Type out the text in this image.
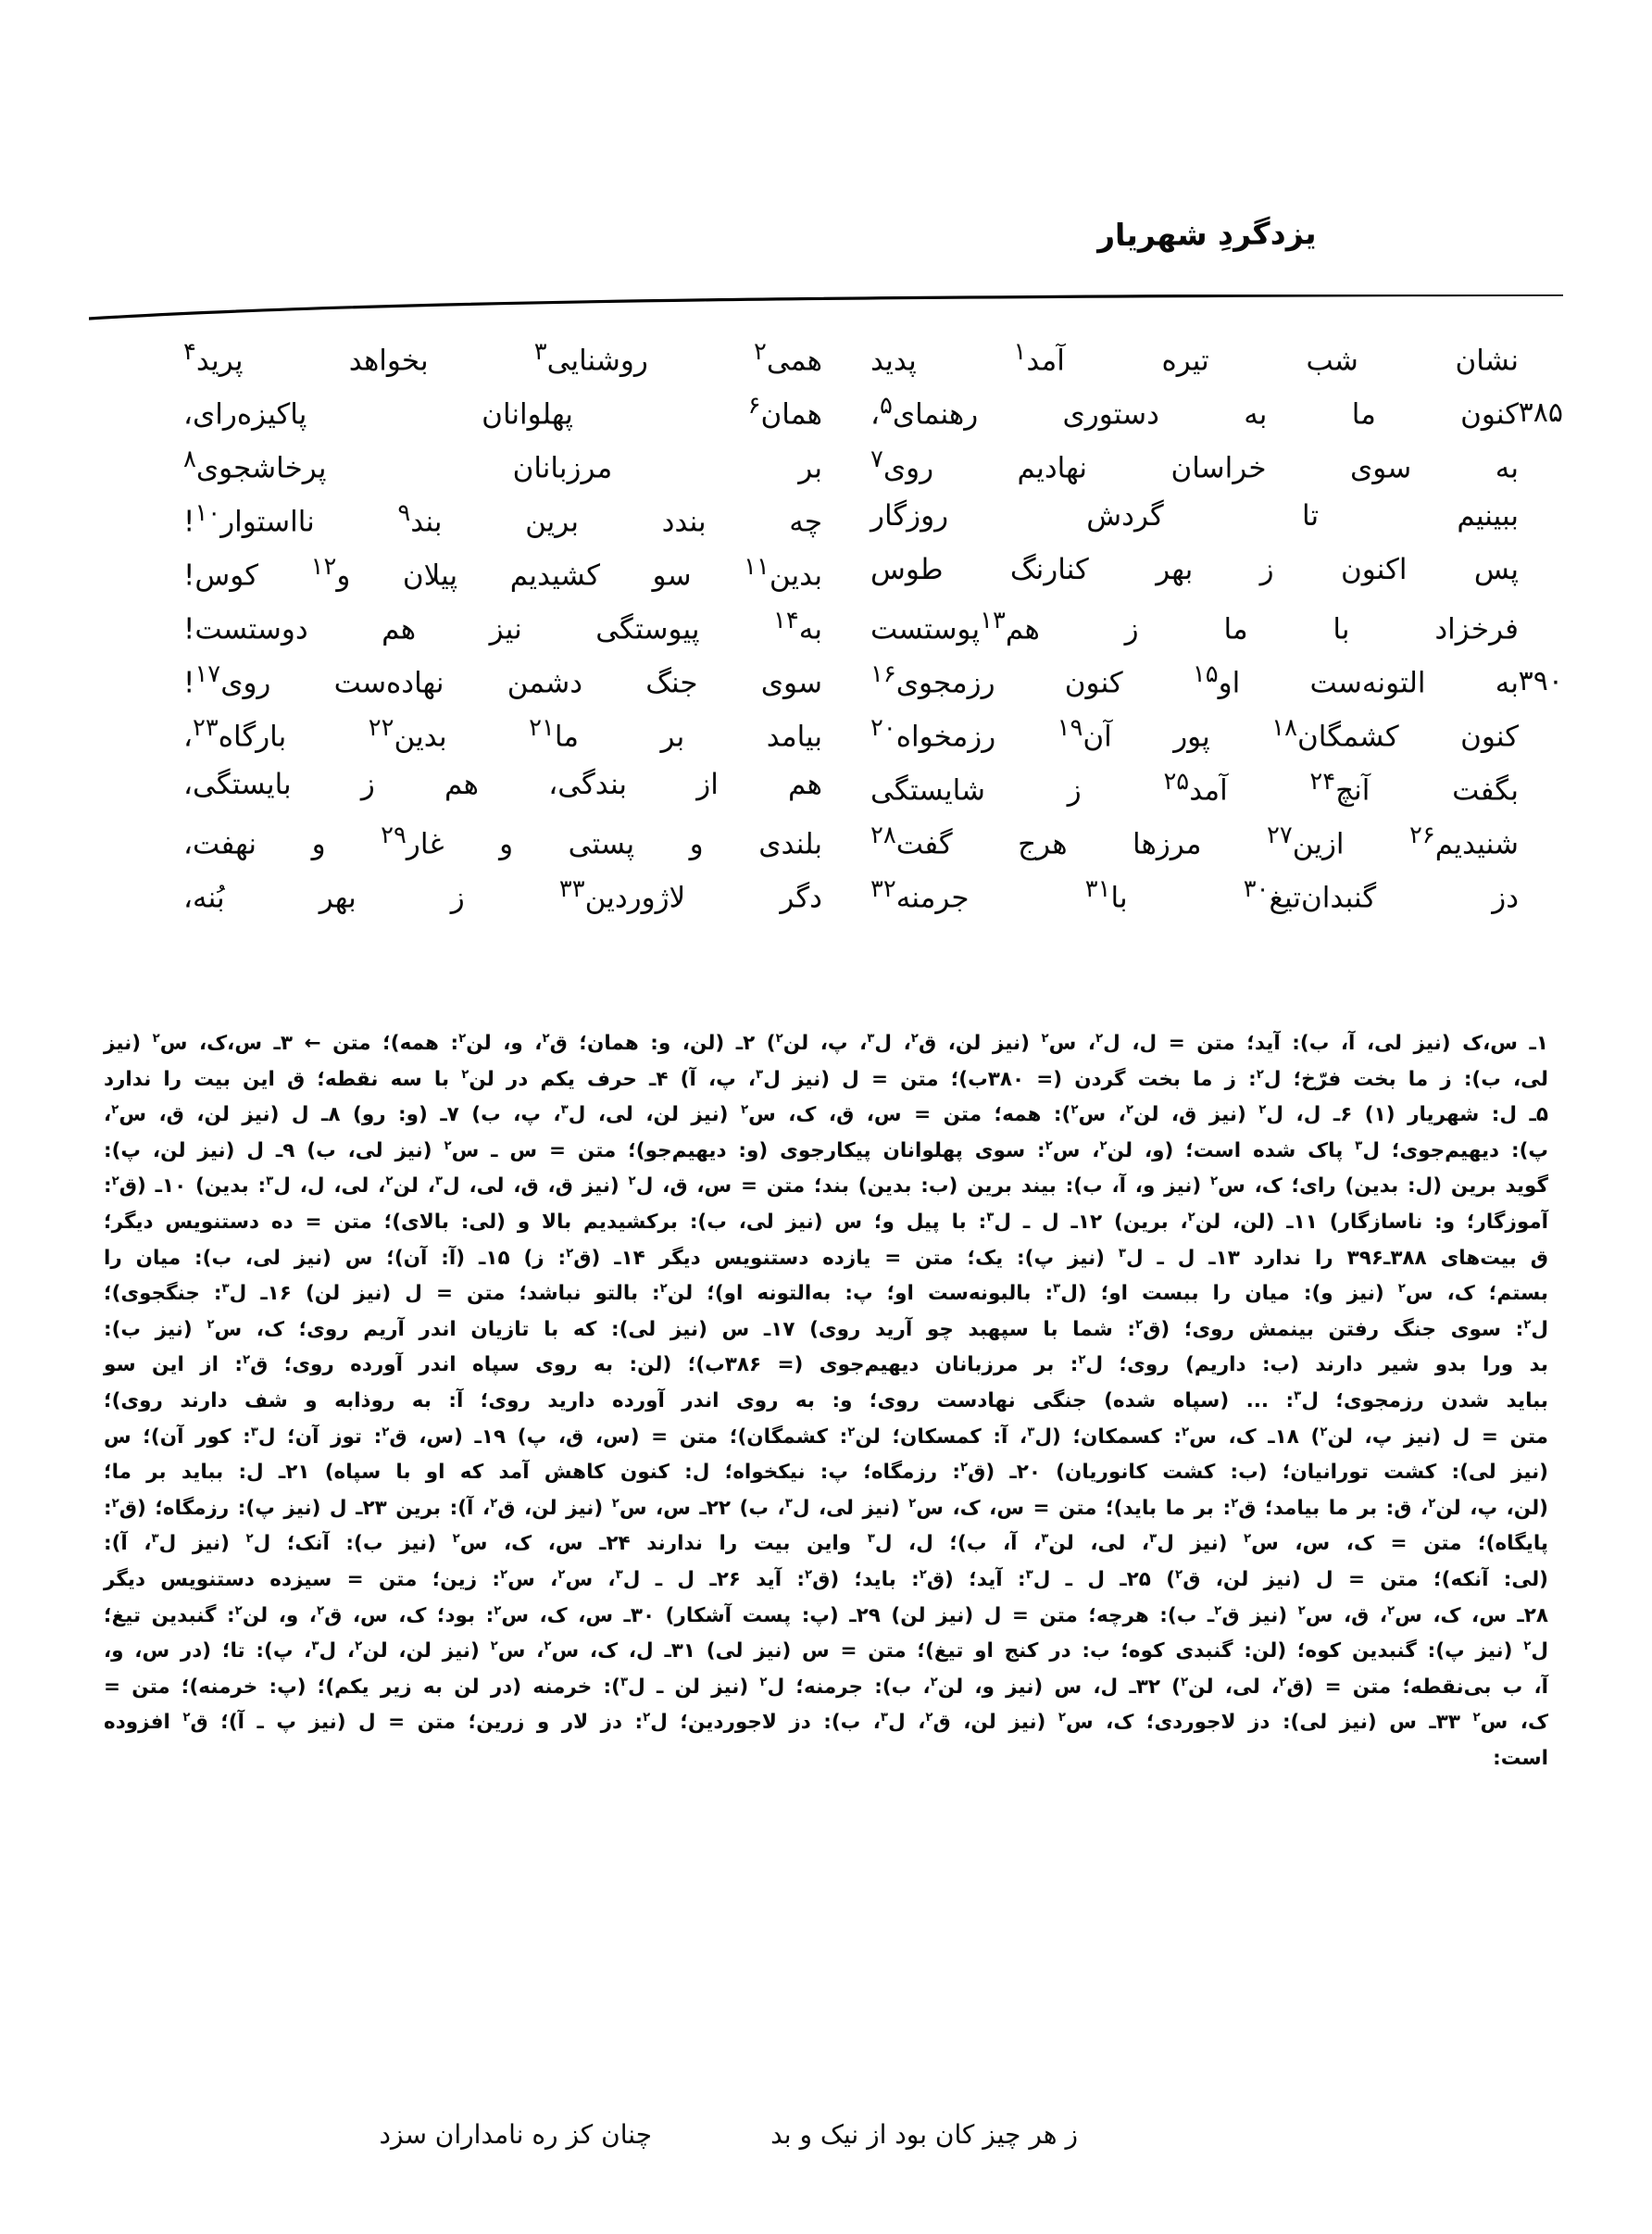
یزدگردِ شهریار
نشان شب تیره آمد$^۱$ پدید
همی$^۲$ روشنایی$^۳$ بخواهد پرید$^۴$
۳۸۵
کنون ما به دستوری رهنمای$^۵$،
همان$^۶$ پهلوانان پاکیزه‌رای،
به سوی خراسان نهادیم روی$^۷$
بر مرزبانان پرخاشجوی$^۸$
ببینیم تا گردش روزگار
چه بندد برین بند$^۹$ نااستوار$^{۱۰}$!
پس اکنون ز بهر کنارنگ طوس
بدین$^{۱۱}$ سو کشیدیم پیلان و$^{۱۲}$ کوس!
فرخزاد با ما ز هم$^{۱۳}$پوستست
به$^{۱۴}$ پیوستگی نیز هم دوستست!
۳۹۰
به التونه‌ست او$^{۱۵}$ کنون رزمجوی$^{۱۶}$
سوی جنگ دشمن نهاده‌ست روی$^{۱۷}$!
کنون کشمگان$^{۱۸}$ پور آن$^{۱۹}$ رزمخواه$^{۲۰}$
بیامد بر ما$^{۲۱}$ بدین$^{۲۲}$ بارگاه$^{۲۳}$،
بگفت آنچ$^{۲۴}$ آمد$^{۲۵}$ ز شایستگی
هم از بندگی، هم ز بایستگی،
شنیدیم$^{۲۶}$ ازین$^{۲۷}$ مرزها هرج گفت$^{۲۸}$
بلندی و پستی و غار$^{۲۹}$ و نهفت،
دز گنبدان‌تیغ$^{۳۰}$ با$^{۳۱}$ جرمنه$^{۳۲}$
دگر لاژوردین$^{۳۳}$ ز بهر بُنه،

۱ـ س،ک (نیز لی، آ، ب): آید؛ متن = ل، ل$^۲$، س$^۲$ (نیز لن، ق$^۲$، ل$^۳$، پ، لن$^۲$) ۲ـ (لن، و: همان؛ ق$^۲$، و، لن$^۲$: همه)؛ متن ← ۳ـ س،ک، س$^۲$ (نیز

لی، ب): ز ما بخت فرّخ؛ ل$^۲$: ز ما بخت گردن (= ۳۸۰ب)؛ متن = ل (نیز ل$^۳$، پ، آ) ۴ـ حرف یکم در لن$^۲$ با سه نقطه؛ ق این بیت را ندارد

۵ـ ل: شهریار (۱) ۶ـ ل، ل$^۲$ (نیز ق، لن$^۲$، س$^۲$): همه؛ متن = س، ق، ک، س$^۲$ (نیز لن، لی، ل$^۳$، پ، ب) ۷ـ (و: رو) ۸ـ ل (نیز لن، ق، س$^۲$،

پ): دیهیم‌جوی؛ ل$^۳$ پاک شده است؛ (و، لن$^۲$، س$^۲$: سوی پهلوانان پیکارجوی (و: دیهیم‌جو)؛ متن = س ـ س$^۲$ (نیز لی، ب) ۹ـ ل (نیز لن، پ):

گوید برین (ل: بدین) رای؛ ک، س$^۲$ (نیز و، آ، ب): بیند برین (ب: بدین) بند؛ متن = س، ق، ل$^۲$ (نیز ق، ق، لی، ل$^۳$، لن$^۲$، لی، ل، ل$^۳$: بدین) ۱۰ـ (ق$^۲$:

آموزگار؛ و: ناسازگار) ۱۱ـ (لن، لن$^۲$، برین) ۱۲ـ ل ـ ل$^۳$: با پیل و؛ س (نیز لی، ب): برکشیدیم بالا و (لی: بالای)؛ متن = ده دستنویس دیگر؛

ق بیت‌های ۳۸۸ـ۳۹۶ را ندارد ۱۳ـ ل ـ ل$^۳$ (نیز پ): یک؛ متن = یازده دستنویس دیگر ۱۴ـ (ق$^۲$: ز) ۱۵ـ (آ: آن)؛ س (نیز لی، ب): میان را

بستم؛ ک، س$^۲$ (نیز و): میان را ببست او؛ (ل$^۳$: بالبونه‌ست او؛ پ: به‌التونه او)؛ لن$^۲$: بالتو نباشد؛ متن = ل (نیز لن) ۱۶ـ ل$^۳$: جنگجوی)؛

ل$^۲$: سوی جنگ رفتن بینمش روی؛ (ق$^۲$: شما با سپهبد چو آرید روی) ۱۷ـ س (نیز لی): که با تازیان اندر آریم روی؛ ک، س$^۲$ (نیز ب):

بد ورا بدو شیر دارند (ب: داریم) روی؛ ل$^۲$: بر مرزبانان دیهیم‌جوی (= ۳۸۶ب)؛ (لن: به روی سپاه اندر آورده روی؛ ق$^۲$: از این سو

بباید شدن رزمجوی؛ ل$^۳$: ... (سپاه شده) جنگی نهادست روی؛ و: به روی اندر آورده دارید روی؛ آ: به روذابه و شف دارند روی)؛

متن = ل (نیز پ، لن$^۲$) ۱۸ـ ک، س$^۲$: کسمکان؛ (ل$^۳$، آ: کمسکان؛ لن$^۲$: کشمگان)؛ متن = (س، ق، پ) ۱۹ـ (س، ق$^۲$: توز آن؛ ل$^۳$: کور آن)؛ س

(نیز لی): کشت تورانیان؛ (ب: کشت کانوریان) ۲۰ـ (ق$^۲$: رزمگاه؛ پ: نیکخواه؛ ل: کنون کاهش آمد که او با سپاه) ۲۱ـ ل: بباید بر ما؛

(لن، پ، لن$^۲$، ق: بر ما بیامد؛ ق$^۲$: بر ما باید)؛ متن = س، ک، س$^۲$ (نیز لی، ل$^۳$، ب) ۲۲ـ س، س$^۲$ (نیز لن، ق$^۲$، آ): برین ۲۳ـ ل (نیز پ): رزمگاه؛ (ق$^۲$:

پایگاه)؛ متن = ک، س، س$^۲$ (نیز ل$^۳$، لی، لن$^۳$، آ، ب)؛ ل، ل$^۳$ واین بیت را ندارند ۲۴ـ س، ک، س$^۲$ (نیز ب): آنک؛ ل$^۲$ (نیز ل$^۳$، آ):

(لی: آنکه)؛ متن = ل (نیز لن، ق$^۲$) ۲۵ـ ل ـ ل$^۳$: آید؛ (ق$^۲$: باید؛ (ق$^۲$: آید ۲۶ـ ل ـ ل$^۳$، س$^۲$، س$^۲$: زین؛ متن = سیزده دستنویس دیگر

۲۸ـ س، ک، س$^۲$، ق، س$^۲$ (نیز ق$^۲$ـ ب): هرچه؛ متن = ل (نیز لن) ۲۹ـ (پ: پست آشکار) ۳۰ـ س، ک، س$^۲$: بود؛ ک، س، ق$^۲$، و، لن$^۲$: گنبدین تیغ؛

ل$^۲$ (نیز پ): گنبدین کوه؛ (لن: گنبدی کوه؛ ب: در کنج او تیغ)؛ متن = س (نیز لی) ۳۱ـ ل، ک، س$^۲$، س$^۲$ (نیز لن، لن$^۲$، ل$^۳$، پ): تا؛ (در س، و،

آ، ب بی‌نقطه؛ متن = (ق$^۲$، لی، لن$^۲$) ۳۲ـ ل، س (نیز و، لن$^۲$، ب): جرمنه؛ ل$^۲$ (نیز لن ـ ل$^۳$): خرمنه (در لن به زیر یکم)؛ (پ: خرمنه)؛ متن =

ک، س$^۲$ ۳۳ـ س (نیز لی): دز لاجوردی؛ ک، س$^۲$ (نیز لن، ق$^۲$، ل$^۳$، ب): دز لاجوردین؛ ل$^۲$: دز لار و زرین؛ متن = ل (نیز پ ـ آ)؛ ق$^۲$ افزوده

است:

ز هر چیز کان بود از نیک و بد
چنان کز ره نامداران سزد
